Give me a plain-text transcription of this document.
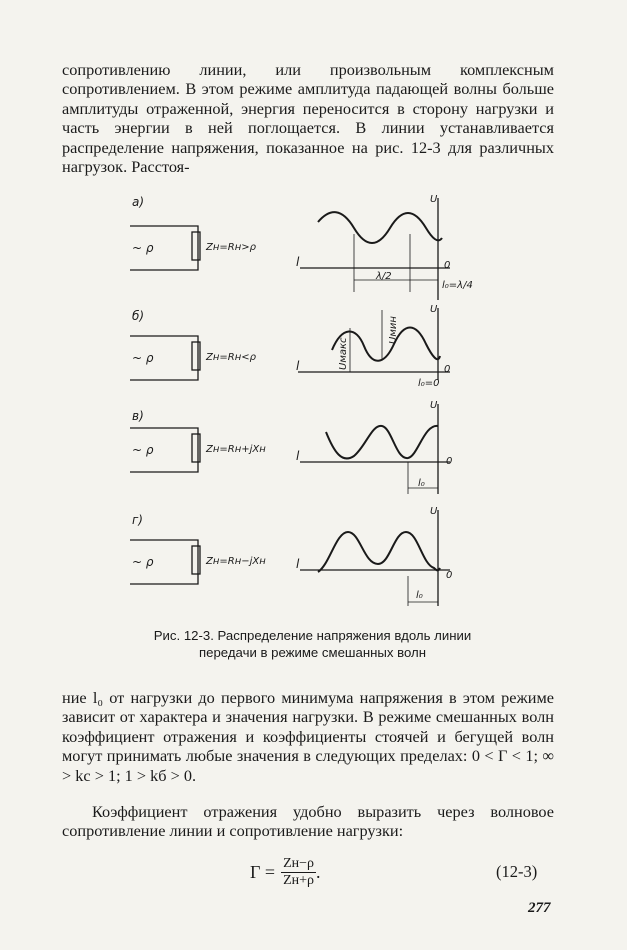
сопротивлению линии, или произвольным комплексным сопротивлением. В этом режиме амплитуда падающей волны больше амплитуды отраженной, энергия переносится в сторону нагрузки и часть энергии в ней поглощается. В линии устанавливается распределение напряжения, показанное на рис. 12-3 для различных нагрузок. Расстоя-

а)
~ ρ	Zн=Rн>ρ
U
l	0
λ/2
l₀=λ/4
б)
~ ρ	Zн=Rн<ρ
U
l	0
Uмакс
Uмин
l₀=0
в)
~ ρ	Zн=Rн+jXн
U
l	0
l₀
г)
~ ρ	Zн=Rн−jXн
U
l
0
l₀
Рис. 12-3. Распределение напряжения вдоль линии
передачи в режиме смешанных волн

ние l₀ от нагрузки до первого минимума напряжения в этом режиме зависит от характера и значения нагрузки. В режиме смешанных волн коэффициент отражения и коэффициенты стоячей и бегущей волн могут принимать любые значения в следующих пределах: 0 < Γ < 1; ∞ > kс > 1; 1 > kб > 0.

Коэффициент отражения удобно выразить через волновое сопротивление линии и сопротивление нагрузки:

$\Gamma = \frac{Zн-\rho}{Zн+\rho}$ .	(12-3)
277
